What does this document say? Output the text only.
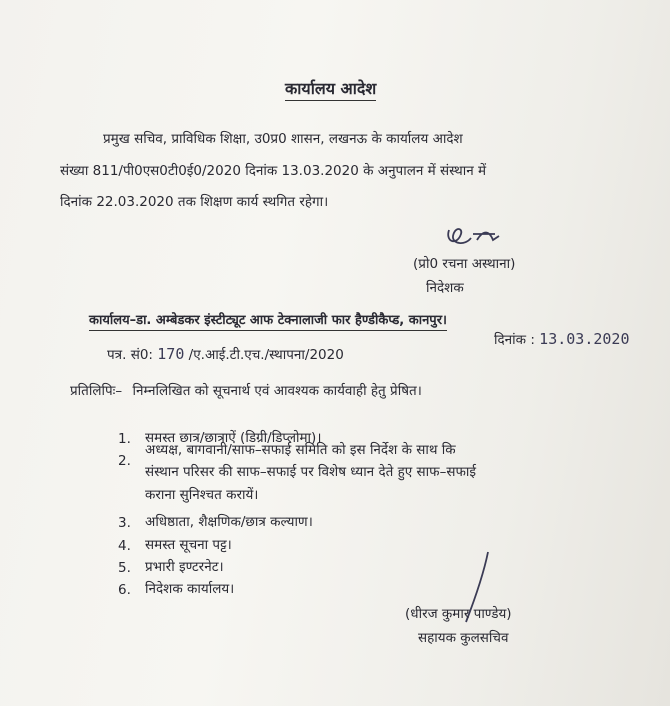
कार्यालय आदेश
प्रमुख सचिव, प्राविधिक शिक्षा, उ0प्र0 शासन, लखनऊ के कार्यालय आदेश
संख्या 811/पी0एस0टी0ई0/2020 दिनांक 13.03.2020 के अनुपालन में संस्थान में
दिनांक 22.03.2020 तक शिक्षण कार्य स्थगित रहेगा।
(प्रो0 रचना अस्थाना)
निदेशक
कार्यालय–डा. अम्बेडकर इंस्टीट्यूट आफ टेक्नालाजी फार हैण्डीकैप्ड, कानपुर।
पत्र. सं0: 170 /ए.आई.टी.एच./स्थापना/2020
दिनांक : 13.03.2020
प्रतिलिपिः– निम्नलिखित को सूचनार्थ एवं आवश्यक कार्यवाही हेतु प्रेषित।
1. समस्त छात्र/छात्राऐं (डिग्री/डिप्लोमा)।
2.
अध्यक्ष, बागवानी/साफ–सफाई समिति को इस निर्देश के साथ कि
संस्थान परिसर की साफ–सफाई पर विशेष ध्यान देते हुए साफ–सफाई
कराना सुनिश्चत करायें।
3. अधिष्ठाता, शैक्षणिक/छात्र कल्याण।
4. समस्त सूचना पट्ट।
5. प्रभारी इण्टरनेट।
6. निदेशक कार्यालय।
(धीरज कुमार पाण्डेय)
सहायक कुलसचिव
